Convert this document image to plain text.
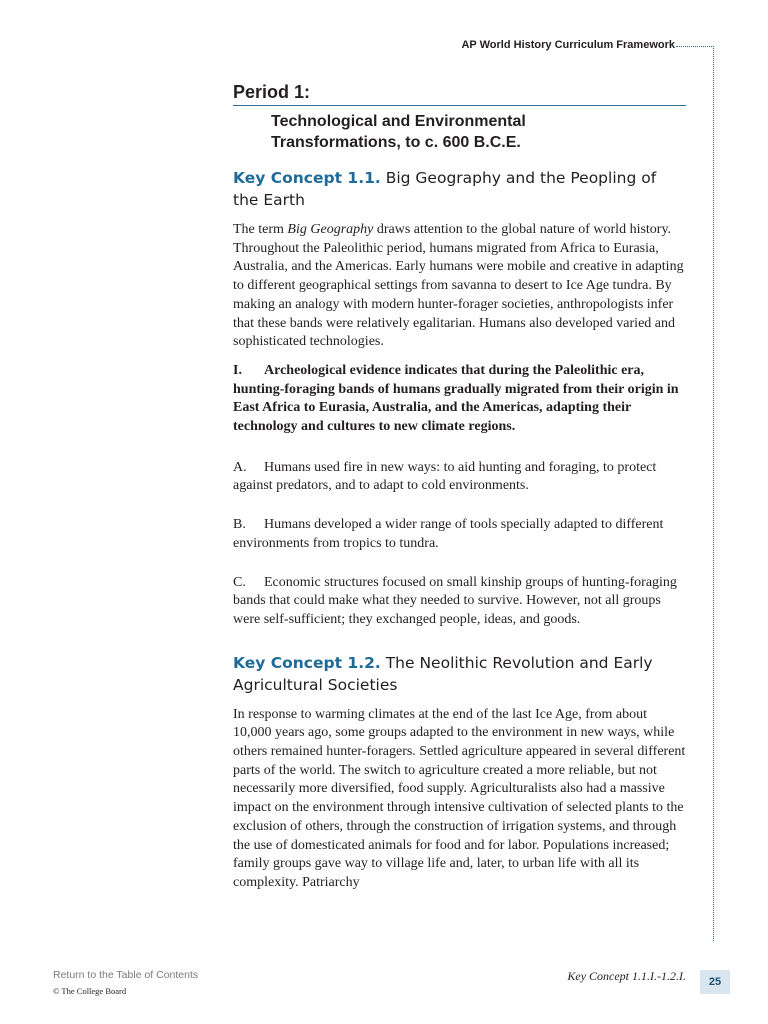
AP World History Curriculum Framework
Period 1:
Technological and Environmental
Transformations, to c. 600 B.C.E.
Key Concept 1.1. Big Geography and the Peopling of the Earth

The term Big Geography draws attention to the global nature of world history. Throughout the Paleolithic period, humans migrated from Africa to Eurasia, Australia, and the Americas. Early humans were mobile and creative in adapting to different geographical settings from savanna to desert to Ice Age tundra. By making an analogy with modern hunter-forager societies, anthropologists infer that these bands were relatively egalitarian. Humans also developed varied and sophisticated technologies.

I. Archeological evidence indicates that during the Paleolithic era, hunting-foraging bands of humans gradually migrated from their origin in East Africa to Eurasia, Australia, and the Americas, adapting their technology and cultures to new climate regions.

A. Humans used fire in new ways: to aid hunting and foraging, to protect against predators, and to adapt to cold environments.

B. Humans developed a wider range of tools specially adapted to different environments from tropics to tundra.

C. Economic structures focused on small kinship groups of hunting-foraging bands that could make what they needed to survive. However, not all groups were self-sufficient; they exchanged people, ideas, and goods.

Key Concept 1.2. The Neolithic Revolution and Early Agricultural Societies

In response to warming climates at the end of the last Ice Age, from about 10,000 years ago, some groups adapted to the environment in new ways, while others remained hunter-foragers. Settled agriculture appeared in several different parts of the world. The switch to agriculture created a more reliable, but not necessarily more diversified, food supply. Agriculturalists also had a massive impact on the environment through intensive cultivation of selected plants to the exclusion of others, through the construction of irrigation systems, and through the use of domesticated animals for food and for labor. Populations increased; family groups gave way to village life and, later, to urban life with all its complexity. Patriarchy

Return to the Table of Contents
© The College Board
Key Concept 1.1.I.-1.2.I.	25
